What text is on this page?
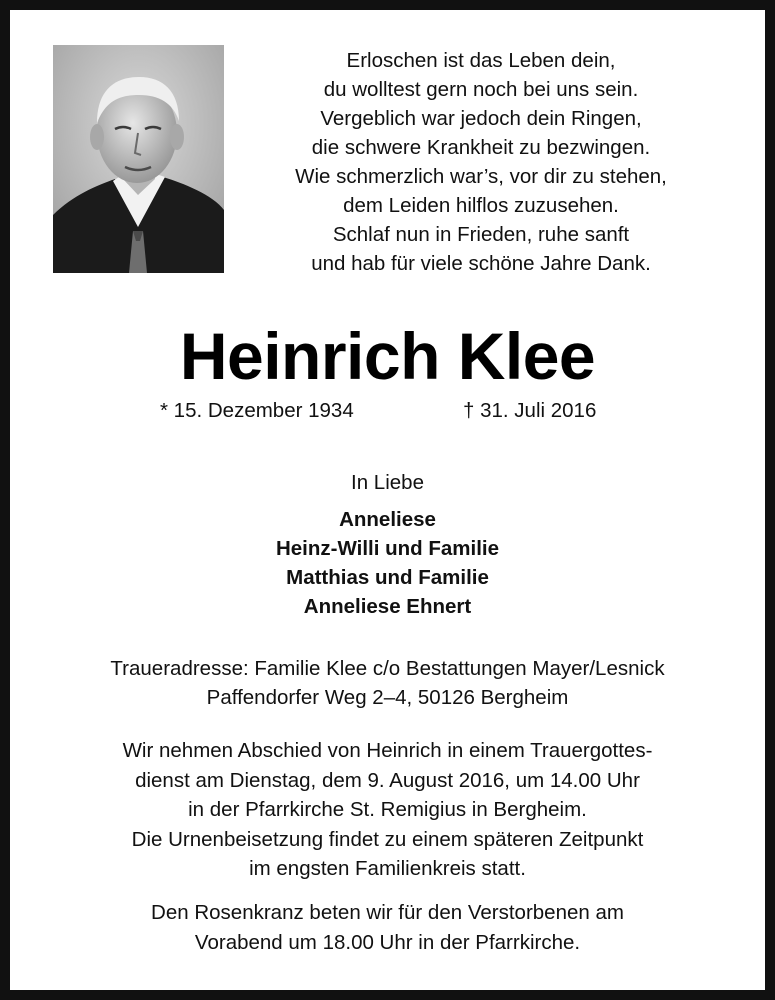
Erloschen ist das Leben dein,
du wolltest gern noch bei uns sein.
Vergeblich war jedoch dein Ringen,
die schwere Krankheit zu bezwingen.
Wie schmerzlich war’s, vor dir zu stehen,
dem Leiden hilflos zuzusehen.
Schlaf nun in Frieden, ruhe sanft
und hab für viele schöne Jahre Dank.
Heinrich Klee
* 15. Dezember 1934	† 31. Juli 2016
In Liebe
Anneliese
Heinz-Willi und Familie
Matthias und Familie
Anneliese Ehnert
Traueradresse: Familie Klee c/o Bestattungen Mayer/Lesnick
Paffendorfer Weg 2–4, 50126 Bergheim
Wir nehmen Abschied von Heinrich in einem Trauergottes-
dienst am Dienstag, dem 9. August 2016, um 14.00 Uhr
in der Pfarrkirche St. Remigius in Bergheim.
Die Urnenbeisetzung findet zu einem späteren Zeitpunkt
im engsten Familienkreis statt.
Den Rosenkranz beten wir für den Verstorbenen am
Vorabend um 18.00 Uhr in der Pfarrkirche.
